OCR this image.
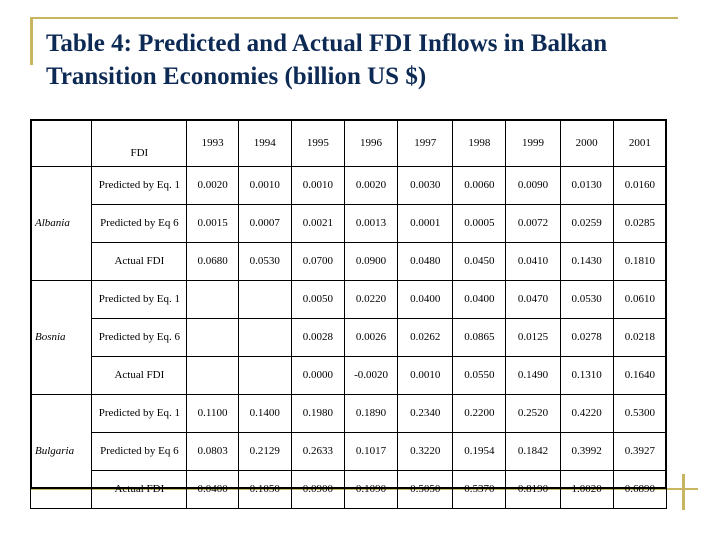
Table 4: Predicted and Actual FDI Inflows in Balkan
Transition Economies (billion US $)
	FDI	1993	1994	1995	1996	1997	1998	1999	2000	2001
Albania	Predicted by Eq. 1	0.0020	0.0010	0.0010	0.0020	0.0030	0.0060	0.0090	0.0130	0.0160
	Predicted by Eq 6	0.0015	0.0007	0.0021	0.0013	0.0001	0.0005	0.0072	0.0259	0.0285
	Actual FDI	0.0680	0.0530	0.0700	0.0900	0.0480	0.0450	0.0410	0.1430	0.1810
Bosnia	Predicted by Eq. 1			0.0050	0.0220	0.0400	0.0400	0.0470	0.0530	0.0610
	Predicted by Eq. 6			0.0028	0.0026	0.0262	0.0865	0.0125	0.0278	0.0218
	Actual FDI			0.0000	-0.0020	0.0010	0.0550	0.1490	0.1310	0.1640
Bulgaria	Predicted by Eq. 1	0.1100	0.1400	0.1980	0.1890	0.2340	0.2200	0.2520	0.4220	0.5300
	Predicted by Eq 6	0.0803	0.2129	0.2633	0.1017	0.3220	0.1954	0.1842	0.3992	0.3927
	Actual FDI	0.0400	0.1050	0.0900	0.1090	0.5050	0.5370	0.8190	1.0020	0.6890
